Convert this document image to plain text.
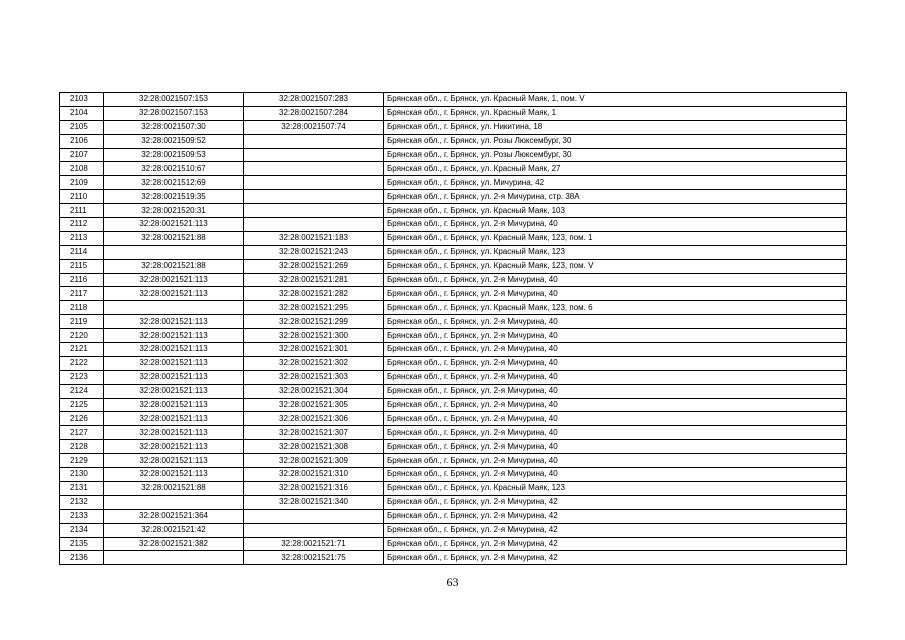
2103	32:28:0021507:153	32:28:0021507:283	Брянская обл., г. Брянск, ул. Красный Маяк, 1, пом. V
2104	32:28:0021507:153	32:28:0021507:284	Брянская обл., г. Брянск, ул. Красный Маяк, 1
2105	32:28:0021507:30	32:28:0021507:74	Брянская обл., г. Брянск, ул. Никитина, 18
2106	32:28:0021509:52		Брянская обл., г. Брянск, ул. Розы Люксембург, 30
2107	32:28:0021509:53		Брянская обл., г. Брянск, ул. Розы Люксембург, 30
2108	32:28:0021510:67		Брянская обл., г. Брянск, ул. Красный Маяк, 27
2109	32:28:0021512:69		Брянская обл., г. Брянск, ул. Мичурина, 42
2110	32:28:0021519:35		Брянская обл., г. Брянск, ул. 2-я Мичурина, стр. 38А
2111	32:28:0021520:31		Брянская обл., г. Брянск, ул. Красный Маяк, 103
2112	32:28:0021521:113		Брянская обл., г. Брянск, ул. 2-я Мичурина, 40
2113	32:28:0021521:88	32:28:0021521:183	Брянская обл., г. Брянск, ул. Красный Маяк, 123, пом. 1
2114		32:28:0021521:243	Брянская обл., г. Брянск, ул. Красный Маяк, 123
2115	32:28:0021521:88	32:28:0021521:269	Брянская обл., г. Брянск, ул. Красный Маяк, 123, пом. V
2116	32:28:0021521:113	32:28:0021521:281	Брянская обл., г. Брянск, ул. 2-я Мичурина, 40
2117	32:28:0021521:113	32:28:0021521:282	Брянская обл., г. Брянск, ул. 2-я Мичурина, 40
2118		32:28:0021521:295	Брянская обл., г. Брянск, ул. Красный Маяк, 123, пом. 6
2119	32:28:0021521:113	32:28:0021521:299	Брянская обл., г. Брянск, ул. 2-я Мичурина, 40
2120	32:28:0021521:113	32:28:0021521:300	Брянская обл., г. Брянск, ул. 2-я Мичурина, 40
2121	32:28:0021521:113	32:28:0021521:301	Брянская обл., г. Брянск, ул. 2-я Мичурина, 40
2122	32:28:0021521:113	32:28:0021521:302	Брянская обл., г. Брянск, ул. 2-я Мичурина, 40
2123	32:28:0021521:113	32:28:0021521:303	Брянская обл., г. Брянск, ул. 2-я Мичурина, 40
2124	32:28:0021521:113	32:28:0021521:304	Брянская обл., г. Брянск, ул. 2-я Мичурина, 40
2125	32:28:0021521:113	32:28:0021521:305	Брянская обл., г. Брянск, ул. 2-я Мичурина, 40
2126	32:28:0021521:113	32:28:0021521:306	Брянская обл., г. Брянск, ул. 2-я Мичурина, 40
2127	32:28:0021521:113	32:28:0021521:307	Брянская обл., г. Брянск, ул. 2-я Мичурина, 40
2128	32:28:0021521:113	32:28:0021521:308	Брянская обл., г. Брянск, ул. 2-я Мичурина, 40
2129	32:28:0021521:113	32:28:0021521:309	Брянская обл., г. Брянск, ул. 2-я Мичурина, 40
2130	32:28:0021521:113	32:28:0021521:310	Брянская обл., г. Брянск, ул. 2-я Мичурина, 40
2131	32:28:0021521:88	32:28:0021521:316	Брянская обл., г. Брянск, ул. Красный Маяк, 123
2132		32:28:0021521:340	Брянская обл., г. Брянск, ул. 2-я Мичурина, 42
2133	32:28:0021521:364		Брянская обл., г. Брянск, ул. 2-я Мичурина, 42
2134	32:28:0021521:42		Брянская обл., г. Брянск, ул. 2-я Мичурина, 42
2135	32:28:0021521:382	32:28:0021521:71	Брянская обл., г. Брянск, ул. 2-я Мичурина, 42
2136		32:28:0021521:75	Брянская обл., г. Брянск, ул. 2-я Мичурина, 42
63
